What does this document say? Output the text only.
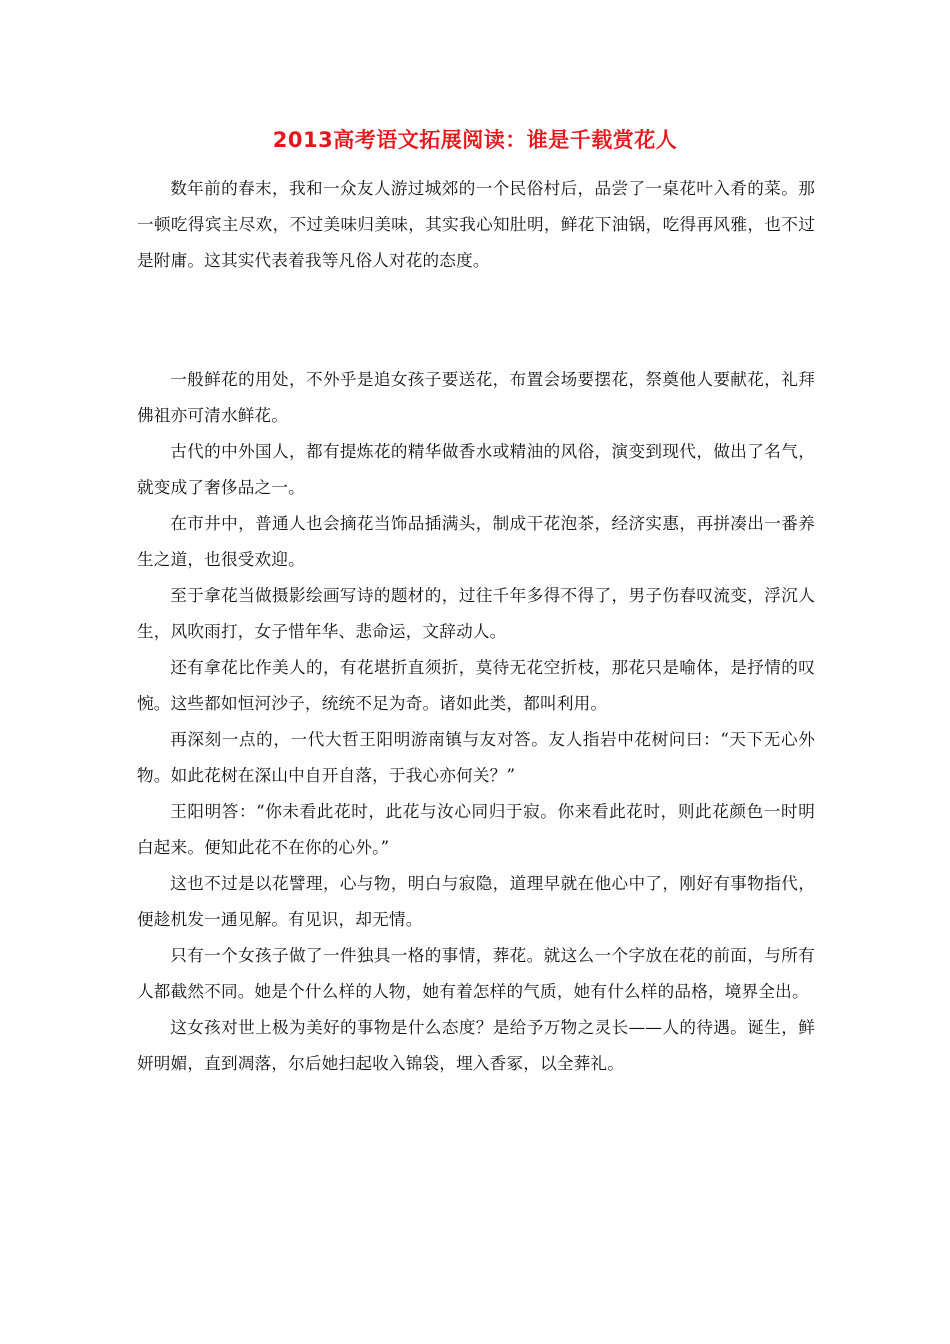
2013高考语文拓展阅读：谁是千载赏花人

数年前的春末，我和一众友人游过城郊的一个民俗村后，品尝了一桌花叶入肴的菜。那一顿吃得宾主尽欢，不过美味归美味，其实我心知肚明，鲜花下油锅，吃得再风雅，也不过是附庸。这其实代表着我等凡俗人对花的态度。

一般鲜花的用处，不外乎是追女孩子要送花，布置会场要摆花，祭奠他人要献花，礼拜佛祖亦可清水鲜花。

古代的中外国人，都有提炼花的精华做香水或精油的风俗，演变到现代，做出了名气，就变成了奢侈品之一。

在市井中，普通人也会摘花当饰品插满头，制成干花泡茶，经济实惠，再拼凑出一番养生之道，也很受欢迎。

至于拿花当做摄影绘画写诗的题材的，过往千年多得不得了，男子伤春叹流变，浮沉人生，风吹雨打，女子惜年华、悲命运，文辞动人。

还有拿花比作美人的，有花堪折直须折，莫待无花空折枝，那花只是喻体，是抒情的叹惋。这些都如恒河沙子，统统不足为奇。诸如此类，都叫利用。

再深刻一点的，一代大哲王阳明游南镇与友对答。友人指岩中花树问曰：“天下无心外物。如此花树在深山中自开自落，于我心亦何关？”

王阳明答：“你未看此花时，此花与汝心同归于寂。你来看此花时，则此花颜色一时明白起来。便知此花不在你的心外。”

这也不过是以花譬理，心与物，明白与寂隐，道理早就在他心中了，刚好有事物指代，便趁机发一通见解。有见识，却无情。

只有一个女孩子做了一件独具一格的事情，葬花。就这么一个字放在花的前面，与所有人都截然不同。她是个什么样的人物，她有着怎样的气质，她有什么样的品格，境界全出。

这女孩对世上极为美好的事物是什么态度？是给予万物之灵长——人的待遇。诞生，鲜妍明媚，直到凋落，尔后她扫起收入锦袋，埋入香冢，以全葬礼。
